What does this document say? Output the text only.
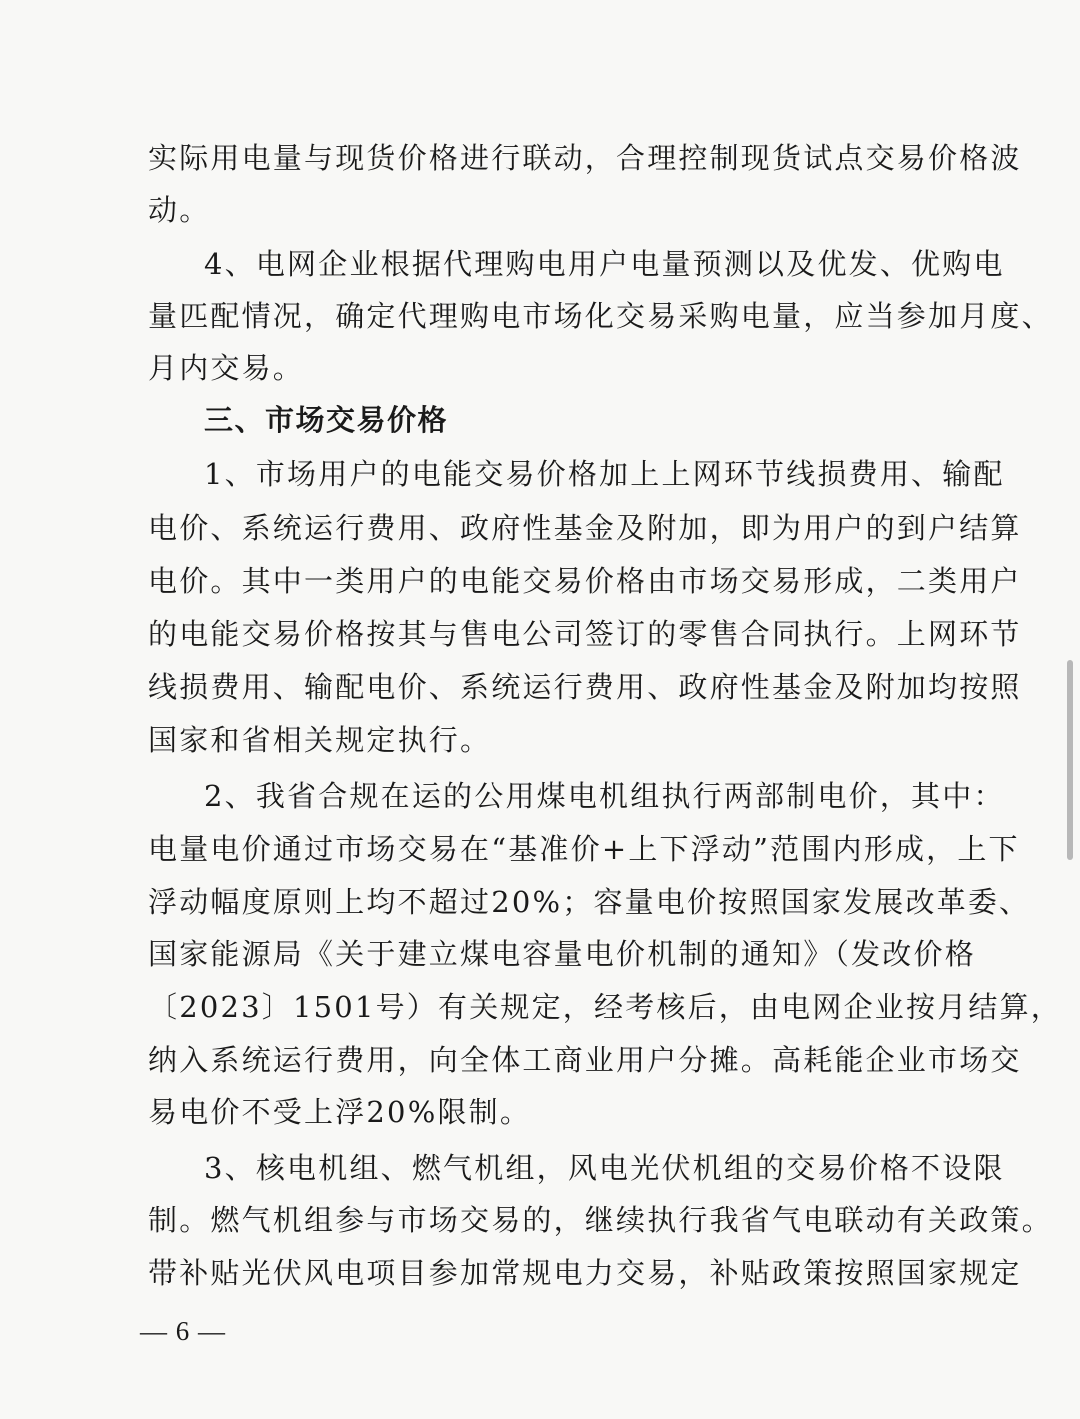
实际用电量与现货价格进行联动，合理控制现货试点交易价格波
动。
4、电网企业根据代理购电用户电量预测以及优发、优购电
量匹配情况，确定代理购电市场化交易采购电量，应当参加月度、
月内交易。
三、市场交易价格
1、市场用户的电能交易价格加上上网环节线损费用、输配
电价、系统运行费用、政府性基金及附加，即为用户的到户结算
电价。其中一类用户的电能交易价格由市场交易形成，二类用户
的电能交易价格按其与售电公司签订的零售合同执行。上网环节
线损费用、输配电价、系统运行费用、政府性基金及附加均按照
国家和省相关规定执行。
2、我省合规在运的公用煤电机组执行两部制电价，其中：
电量电价通过市场交易在“基准价+上下浮动”范围内形成，上下
浮动幅度原则上均不超过20%；容量电价按照国家发展改革委、
国家能源局《关于建立煤电容量电价机制的通知》（发改价格
〔2023〕1501号）有关规定，经考核后，由电网企业按月结算，
纳入系统运行费用，向全体工商业用户分摊。高耗能企业市场交
易电价不受上浮20%限制。
3、核电机组、燃气机组，风电光伏机组的交易价格不设限
制。燃气机组参与市场交易的，继续执行我省气电联动有关政策。
带补贴光伏风电项目参加常规电力交易，补贴政策按照国家规定
— 6 —
